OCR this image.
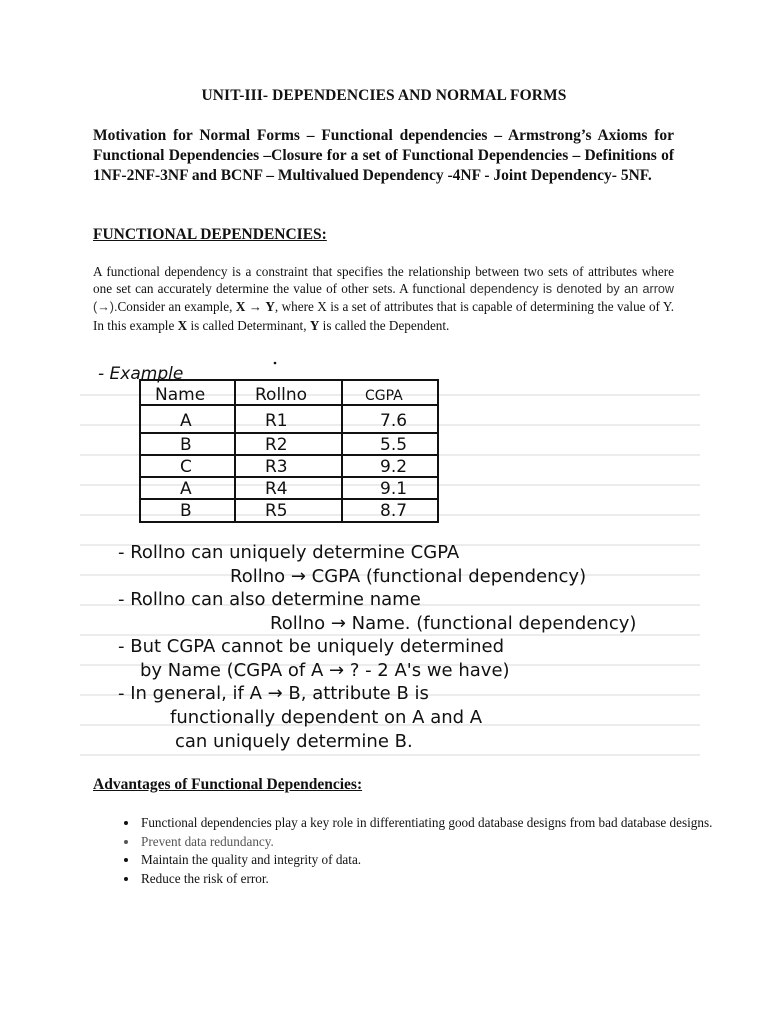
UNIT-III- DEPENDENCIES AND NORMAL FORMS
Motivation for Normal Forms – Functional dependencies – Armstrong’s Axioms for Functional Dependencies –Closure for a set of Functional Dependencies – Definitions of 1NF-2NF-3NF and BCNF – Multivalued Dependency -4NF - Joint Dependency- 5NF.
FUNCTIONAL DEPENDENCIES:
A functional dependency is a constraint that specifies the relationship between two sets of attributes where one set can accurately determine the value of other sets. A functional dependency is denoted by an arrow (→).Consider an example, X → Y, where X is a set of attributes that is capable of determining the value of Y. In this example X is called Determinant, Y is called the Dependent.
- Example
Name	Rollno	CGPA
A	R1	7.6
B	R2	5.5
C	R3	9.2
A	R4	9.1
B	R5	8.7
- Rollno can uniquely determine CGPA
Rollno → CGPA (functional dependency)
- Rollno can also determine name
Rollno → Name. (functional dependency)
- But CGPA cannot be uniquely determined
by Name (CGPA of A → ? - 2 A's we have)
- In general, if A → B, attribute B is
functionally dependent on A and A
can uniquely determine B.
Advantages of Functional Dependencies:
• Functional dependencies play a key role in differentiating good database designs from bad database designs.
• Prevent data redundancy.
• Maintain the quality and integrity of data.
• Reduce the risk of error.
